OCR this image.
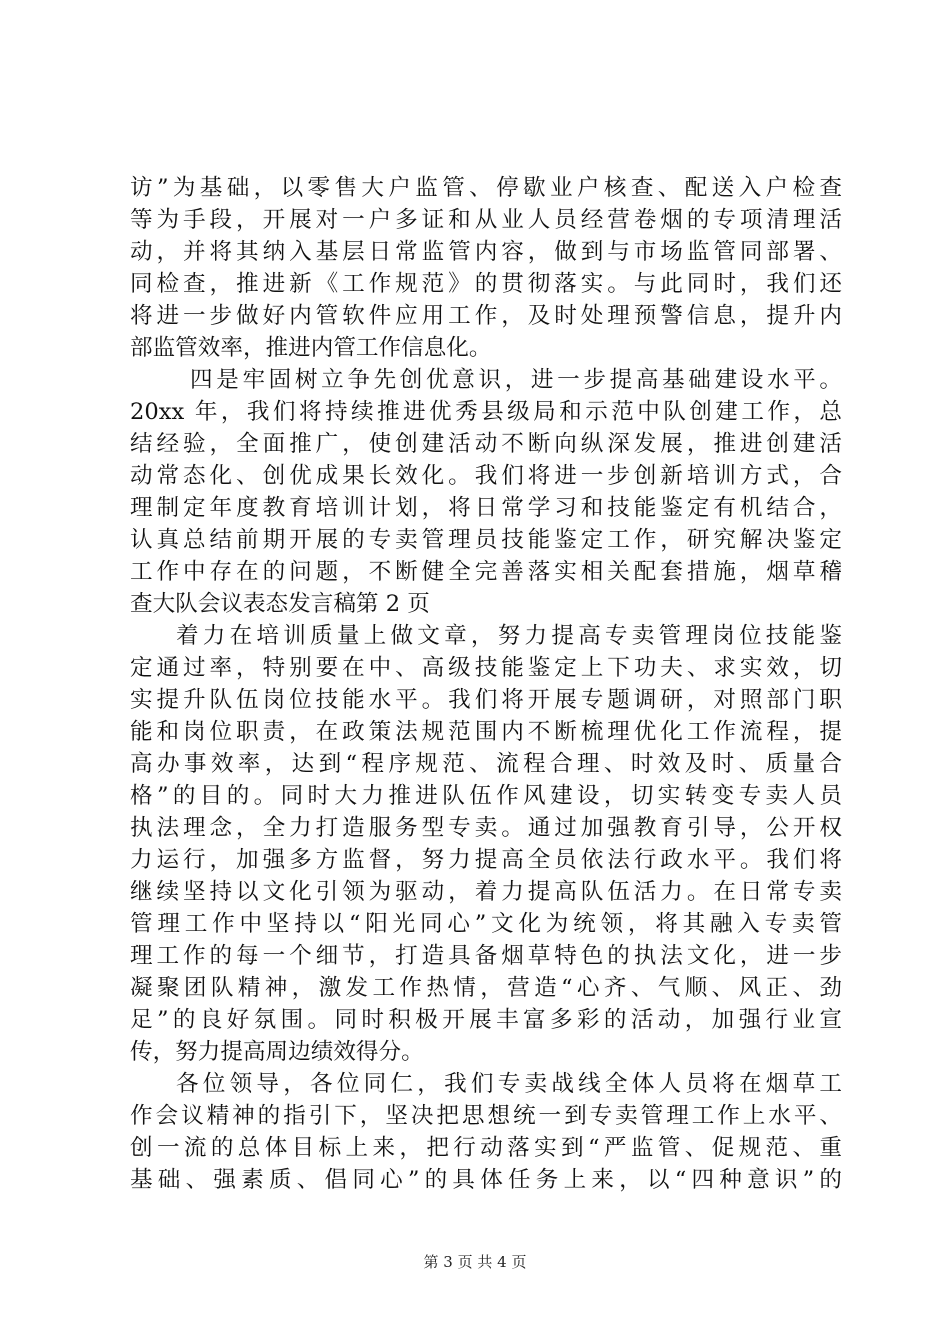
访”为基础，以零售大户监管、停歇业户核查、配送入户检查
等为手段，开展对一户多证和从业人员经营卷烟的专项清理活
动，并将其纳入基层日常监管内容，做到与市场监管同部署、
同检查，推进新《工作规范》的贯彻落实。与此同时，我们还
将进一步做好内管软件应用工作，及时处理预警信息，提升内
部监管效率，推进内管工作信息化。
四是牢固树立争先创优意识，进一步提高基础建设水平。
20xx 年，我们将持续推进优秀县级局和示范中队创建工作，总
结经验，全面推广，使创建活动不断向纵深发展，推进创建活
动常态化、创优成果长效化。我们将进一步创新培训方式，合
理制定年度教育培训计划，将日常学习和技能鉴定有机结合，
认真总结前期开展的专卖管理员技能鉴定工作，研究解决鉴定
工作中存在的问题，不断健全完善落实相关配套措施，烟草稽
查大队会议表态发言稿第 2 页
着力在培训质量上做文章，努力提高专卖管理岗位技能鉴
定通过率，特别要在中、高级技能鉴定上下功夫、求实效，切
实提升队伍岗位技能水平。我们将开展专题调研，对照部门职
能和岗位职责，在政策法规范围内不断梳理优化工作流程，提
高办事效率，达到“程序规范、流程合理、时效及时、质量合
格”的目的。同时大力推进队伍作风建设，切实转变专卖人员
执法理念，全力打造服务型专卖。通过加强教育引导，公开权
力运行，加强多方监督，努力提高全员依法行政水平。我们将
继续坚持以文化引领为驱动，着力提高队伍活力。在日常专卖
管理工作中坚持以“阳光同心”文化为统领，将其融入专卖管
理工作的每一个细节，打造具备烟草特色的执法文化，进一步
凝聚团队精神，激发工作热情，营造“心齐、气顺、风正、劲
足”的良好氛围。同时积极开展丰富多彩的活动，加强行业宣
传，努力提高周边绩效得分。
各位领导，各位同仁，我们专卖战线全体人员将在烟草工
作会议精神的指引下，坚决把思想统一到专卖管理工作上水平、
创一流的总体目标上来，把行动落实到“严监管、促规范、重
基础、强素质、倡同心”的具体任务上来，以“四种意识”的
第 3 页 共 4 页
